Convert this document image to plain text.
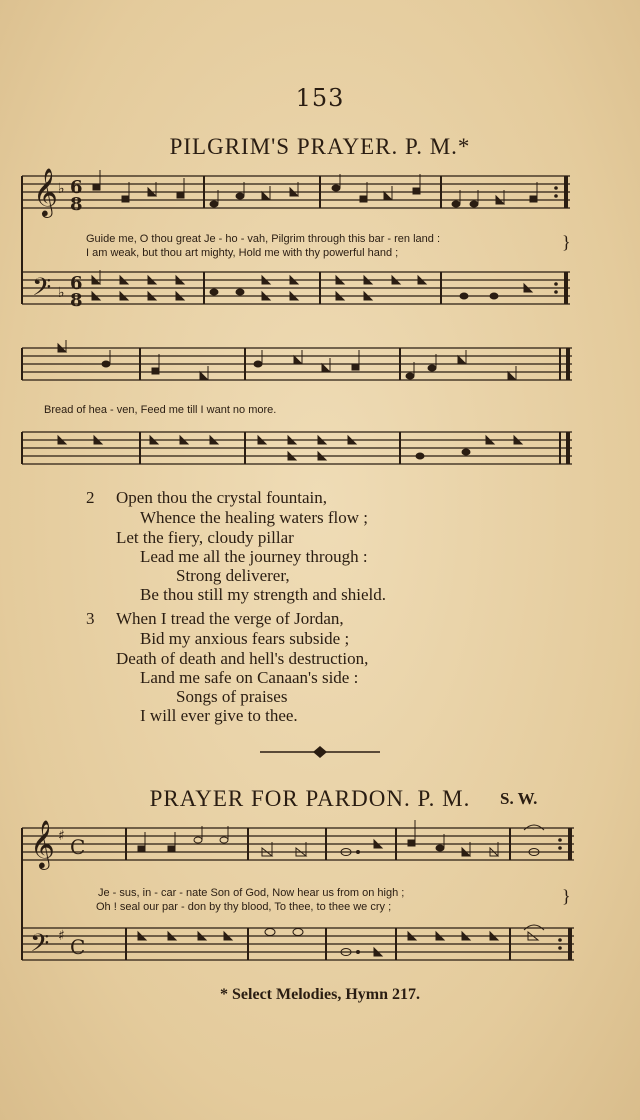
153
PILGRIM'S PRAYER. P. M.*
6
8
6
8
𝄞
𝄢
♭
♭
Guide me, O thou great Je - ho - vah, Pilgrim through this bar - ren land :
I am weak, but thou art mighty, Hold me with thy powerful hand ;
}
Bread of hea - ven, Feed me till I want no more.
2 Open thou the crystal fountain,
Whence the healing waters flow ;
Let the fiery, cloudy pillar
Lead me all the journey through :
Strong deliverer,
Be thou still my strength and shield.
3 When I tread the verge of Jordan,
Bid my anxious fears subside ;
Death of death and hell's destruction,
Land me safe on Canaan's side :
Songs of praises
I will ever give to thee.
PRAYER FOR PARDON. P. M.	S. W.
𝄞
𝄢
♯
♯
C
C
Je - sus, in - car - nate Son of God, Now hear us from on high ;
Oh ! seal our par - don by thy blood, To thee, to thee we cry ;
}
* Select Melodies, Hymn 217.
